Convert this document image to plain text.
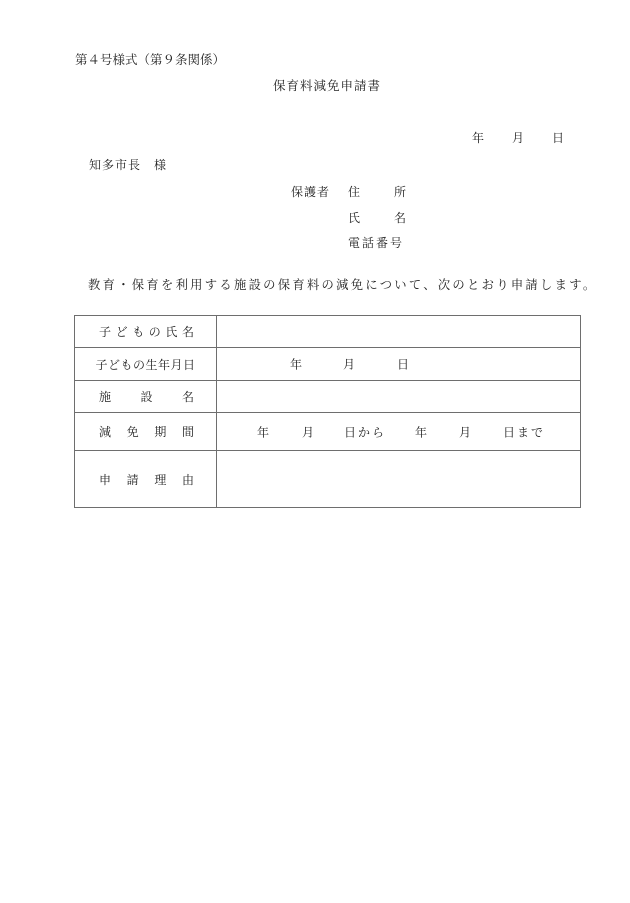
第４号様式（第９条関係）
保育料減免申請書
年 月 日
知多市長　様
保護者 住	所
氏	名
電話番号
教育・保育を利用する施設の保育料の減免について、次のとおり申請します。
子 ど も の 氏 名

子どもの生年月日	年 月 日

施 設 名	

減 免 期 間	年	月 日から 年	月	日まで

申 請 理 由	
